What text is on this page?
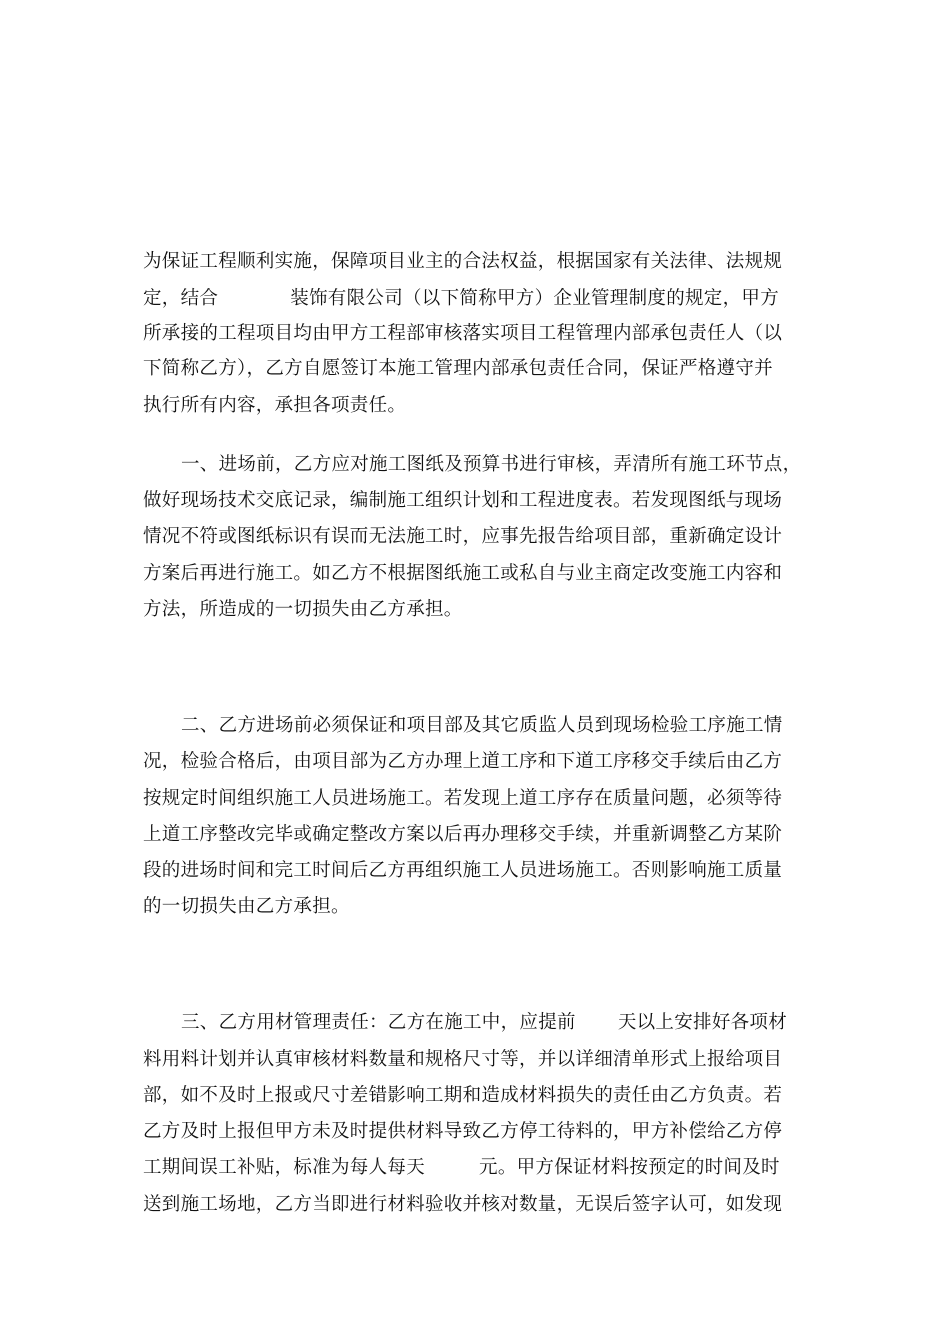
为保证工程顺利实施，保障项目业主的合法权益，根据国家有关法律、法规规
定，结合	装饰有限公司（以下简称甲方）企业管理制度的规定，甲方
所承接的工程项目均由甲方工程部审核落实项目工程管理内部承包责任人（以
下简称乙方），乙方自愿签订本施工管理内部承包责任合同，保证严格遵守并
执行所有内容，承担各项责任。
一、进场前，乙方应对施工图纸及预算书进行审核，弄清所有施工环节点，
做好现场技术交底记录，编制施工组织计划和工程进度表。若发现图纸与现场
情况不符或图纸标识有误而无法施工时，应事先报告给项目部，重新确定设计
方案后再进行施工。如乙方不根据图纸施工或私自与业主商定改变施工内容和
方法，所造成的一切损失由乙方承担。
二、乙方进场前必须保证和项目部及其它质监人员到现场检验工序施工情
况，检验合格后，由项目部为乙方办理上道工序和下道工序移交手续后由乙方
按规定时间组织施工人员进场施工。若发现上道工序存在质量问题，必须等待
上道工序整改完毕或确定整改方案以后再办理移交手续，并重新调整乙方某阶
段的进场时间和完工时间后乙方再组织施工人员进场施工。否则影响施工质量
的一切损失由乙方承担。
三、乙方用材管理责任：乙方在施工中，应提前 天以上安排好各项材
料用料计划并认真审核材料数量和规格尺寸等，并以详细清单形式上报给项目
部，如不及时上报或尺寸差错影响工期和造成材料损失的责任由乙方负责。若
乙方及时上报但甲方未及时提供材料导致乙方停工待料的，甲方补偿给乙方停
工期间误工补贴，标准为每人每天	元。甲方保证材料按预定的时间及时
送到施工场地，乙方当即进行材料验收并核对数量，无误后签字认可，如发现
